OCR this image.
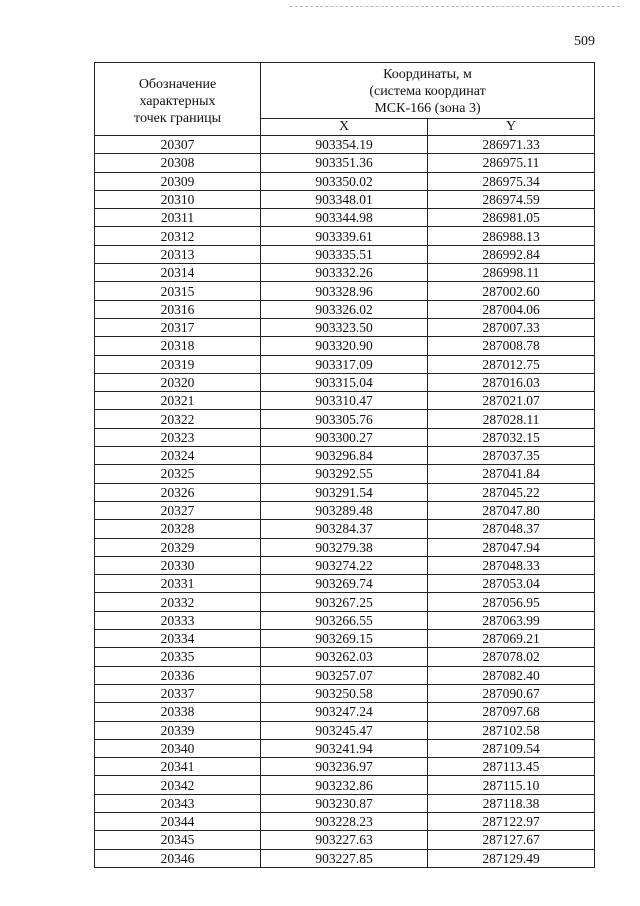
509
Обозначение
характерных
точек границы	Координаты, м
(система координат
МСК-166 (зона 3)	

	X	Y
20307	903354.19	286971.33
20308	903351.36	286975.11
20309	903350.02	286975.34
20310	903348.01	286974.59
20311	903344.98	286981.05
20312	903339.61	286988.13
20313	903335.51	286992.84
20314	903332.26	286998.11
20315	903328.96	287002.60
20316	903326.02	287004.06
20317	903323.50	287007.33
20318	903320.90	287008.78
20319	903317.09	287012.75
20320	903315.04	287016.03
20321	903310.47	287021.07
20322	903305.76	287028.11
20323	903300.27	287032.15
20324	903296.84	287037.35
20325	903292.55	287041.84
20326	903291.54	287045.22
20327	903289.48	287047.80
20328	903284.37	287048.37
20329	903279.38	287047.94
20330	903274.22	287048.33
20331	903269.74	287053.04
20332	903267.25	287056.95
20333	903266.55	287063.99
20334	903269.15	287069.21
20335	903262.03	287078.02
20336	903257.07	287082.40
20337	903250.58	287090.67
20338	903247.24	287097.68
20339	903245.47	287102.58
20340	903241.94	287109.54
20341	903236.97	287113.45
20342	903232.86	287115.10
20343	903230.87	287118.38
20344	903228.23	287122.97
20345	903227.63	287127.67
20346	903227.85	287129.49
